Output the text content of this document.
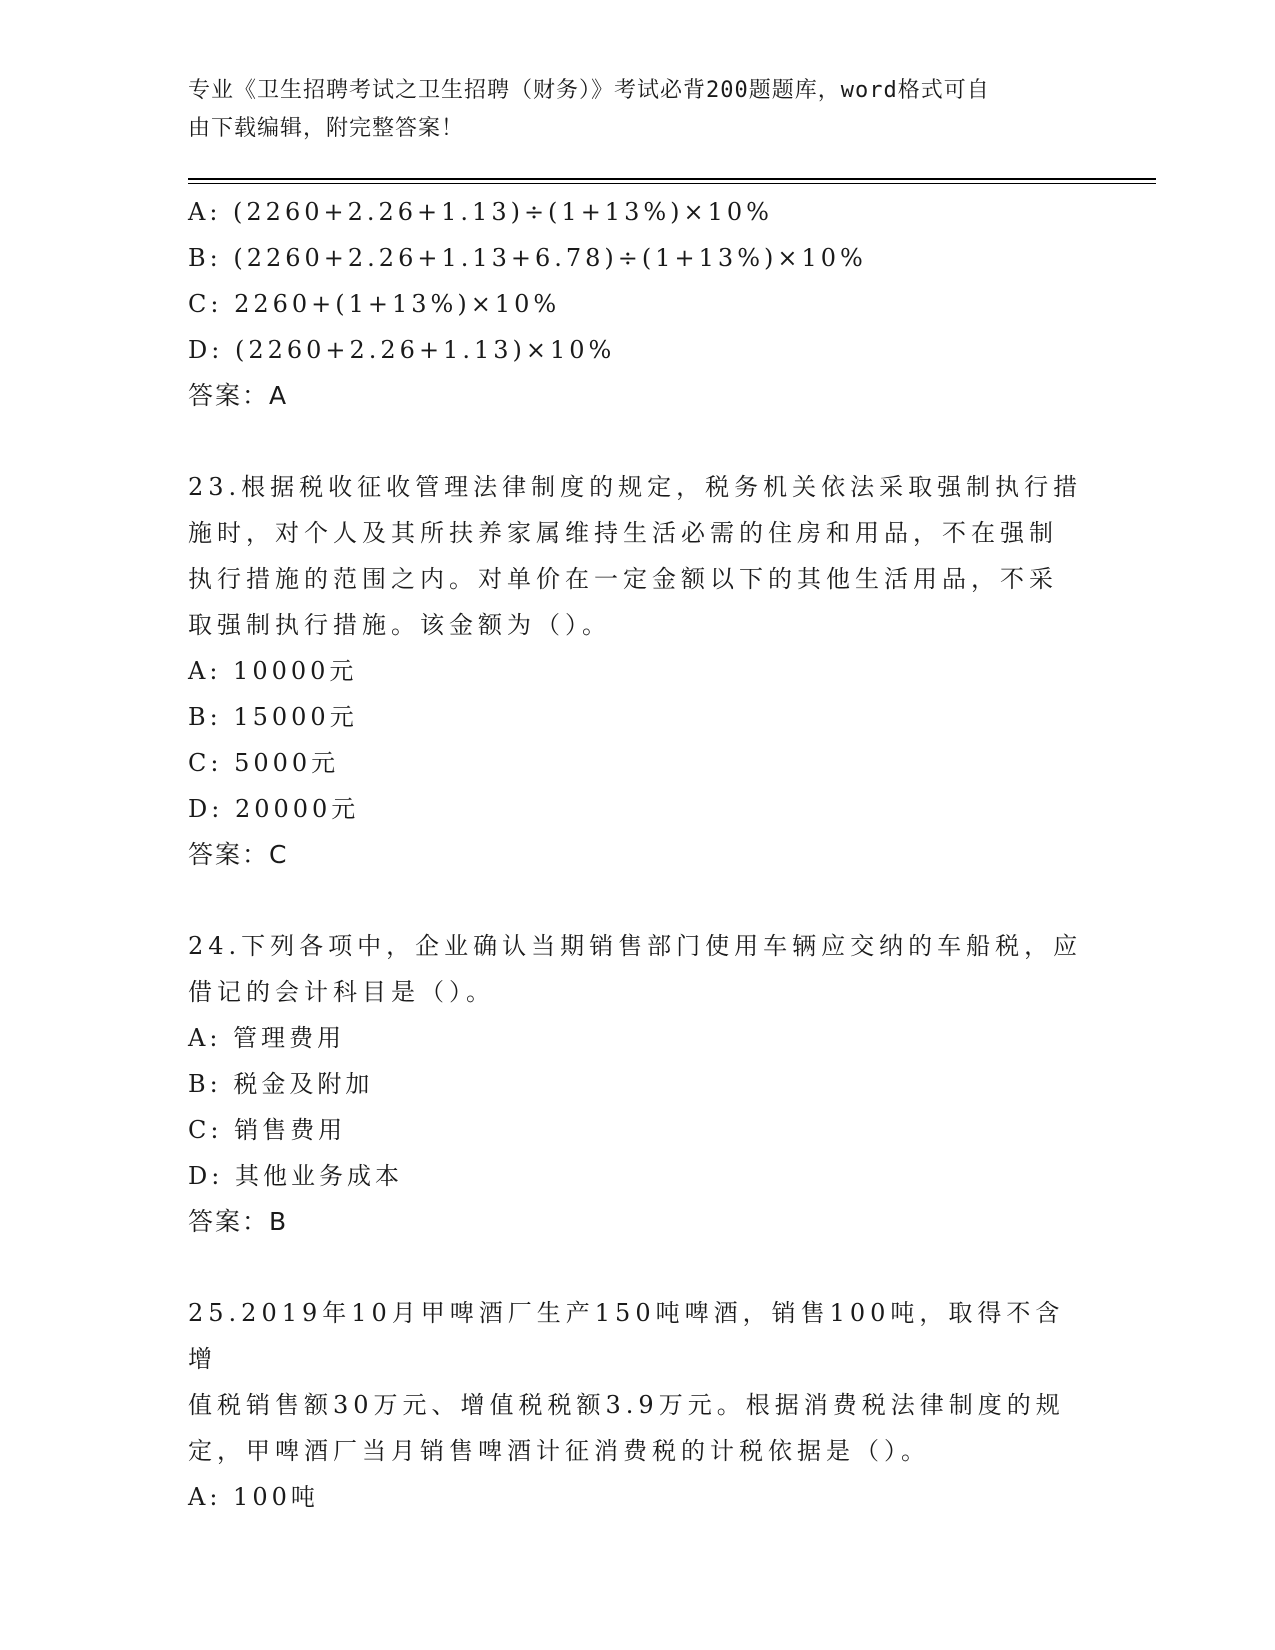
专业《卫生招聘考试之卫生招聘（财务）》考试必背200题题库，word格式可自
由下载编辑，附完整答案！
A: (2260+2.26+1.13)÷(1+13%)×10%
B: (2260+2.26+1.13+6.78)÷(1+13%)×10%
C: 2260+(1+13%)×10%
D: (2260+2.26+1.13)×10%
答案：A
23.根据税收征收管理法律制度的规定，税务机关依法采取强制执行措
施时，对个人及其所扶养家属维持生活必需的住房和用品，不在强制
执行措施的范围之内。对单价在一定金额以下的其他生活用品，不采
取强制执行措施。该金额为（）。
A: 10000元
B: 15000元
C: 5000元
D: 20000元
答案：C
24.下列各项中，企业确认当期销售部门使用车辆应交纳的车船税，应
借记的会计科目是（）。
A: 管理费用
B: 税金及附加
C: 销售费用
D: 其他业务成本
答案：B
25.2019年10月甲啤酒厂生产150吨啤酒，销售100吨，取得不含增
值税销售额30万元、增值税税额3.9万元。根据消费税法律制度的规
定，甲啤酒厂当月销售啤酒计征消费税的计税依据是（）。
A: 100吨
